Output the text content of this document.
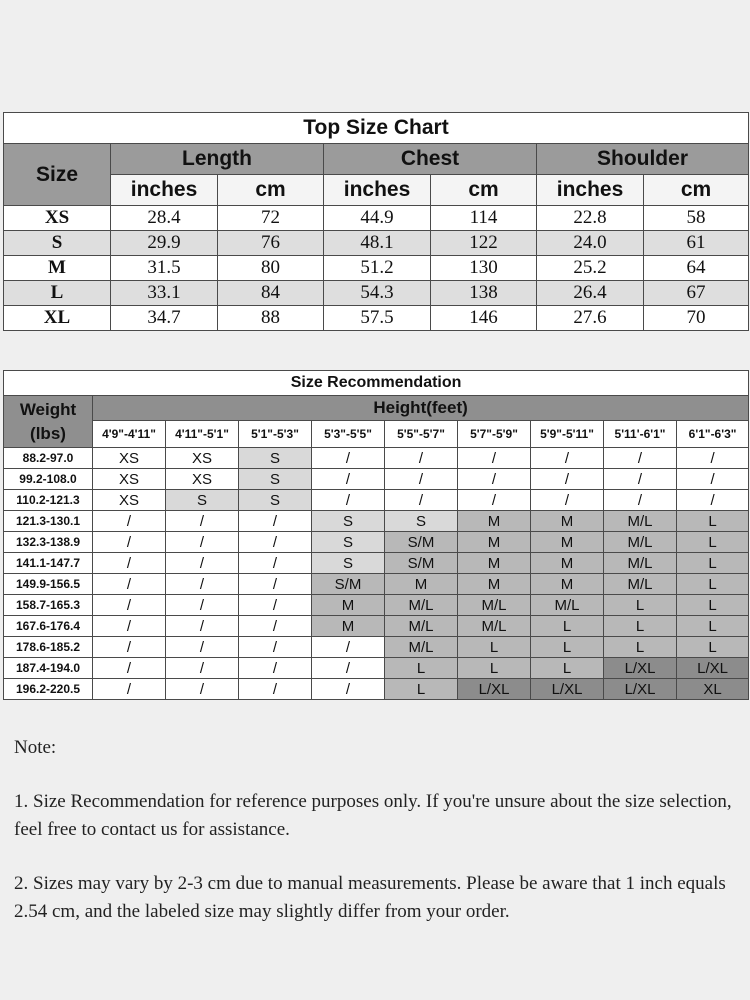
Top Size Chart						
Size	Length		Chest		Shoulder	
	inches	cm	inches	cm	inches	cm
XS	28.4	72	44.9	114	22.8	58
S	29.9	76	48.1	122	24.0	61
M	31.5	80	51.2	130	25.2	64
L	33.1	84	54.3	138	26.4	67
XL	34.7	88	57.5	146	27.6	70
Size Recommendation									

Weight
(lbs)	Height(feet)								
	4'9"-4'11"	4'11"-5'1"	5'1"-5'3"	5'3"-5'5"	5'5"-5'7"	5'7"-5'9"	5'9"-5'11"	5'11'-6'1"	6'1"-6'3"
88.2-97.0	XS	XS	S	/	/	/	/	/	/
99.2-108.0	XS	XS	S	/	/	/	/	/	/
110.2-121.3	XS	S	S	/	/	/	/	/	/
121.3-130.1	/	/	/	S	S	M	M	M/L	L
132.3-138.9	/	/	/	S	S/M	M	M	M/L	L
141.1-147.7	/	/	/	S	S/M	M	M	M/L	L
149.9-156.5	/	/	/	S/M	M	M	M	M/L	L
158.7-165.3	/	/	/	M	M/L	M/L	M/L	L	L
167.6-176.4	/	/	/	M	M/L	M/L	L	L	L
178.6-185.2	/	/	/	/	M/L	L	L	L	L
187.4-194.0	/	/	/	/	L	L	L	L/XL	L/XL
196.2-220.5	/	/	/	/	L	L/XL	L/XL	L/XL	XL

Note:

1. Size Recommendation for reference purposes only. If you're unsure about the size selection, feel free to contact us for assistance.

2. Sizes may vary by 2-3 cm due to manual measurements. Please be aware that 1 inch equals 2.54 cm, and the labeled size may slightly differ from your order.
